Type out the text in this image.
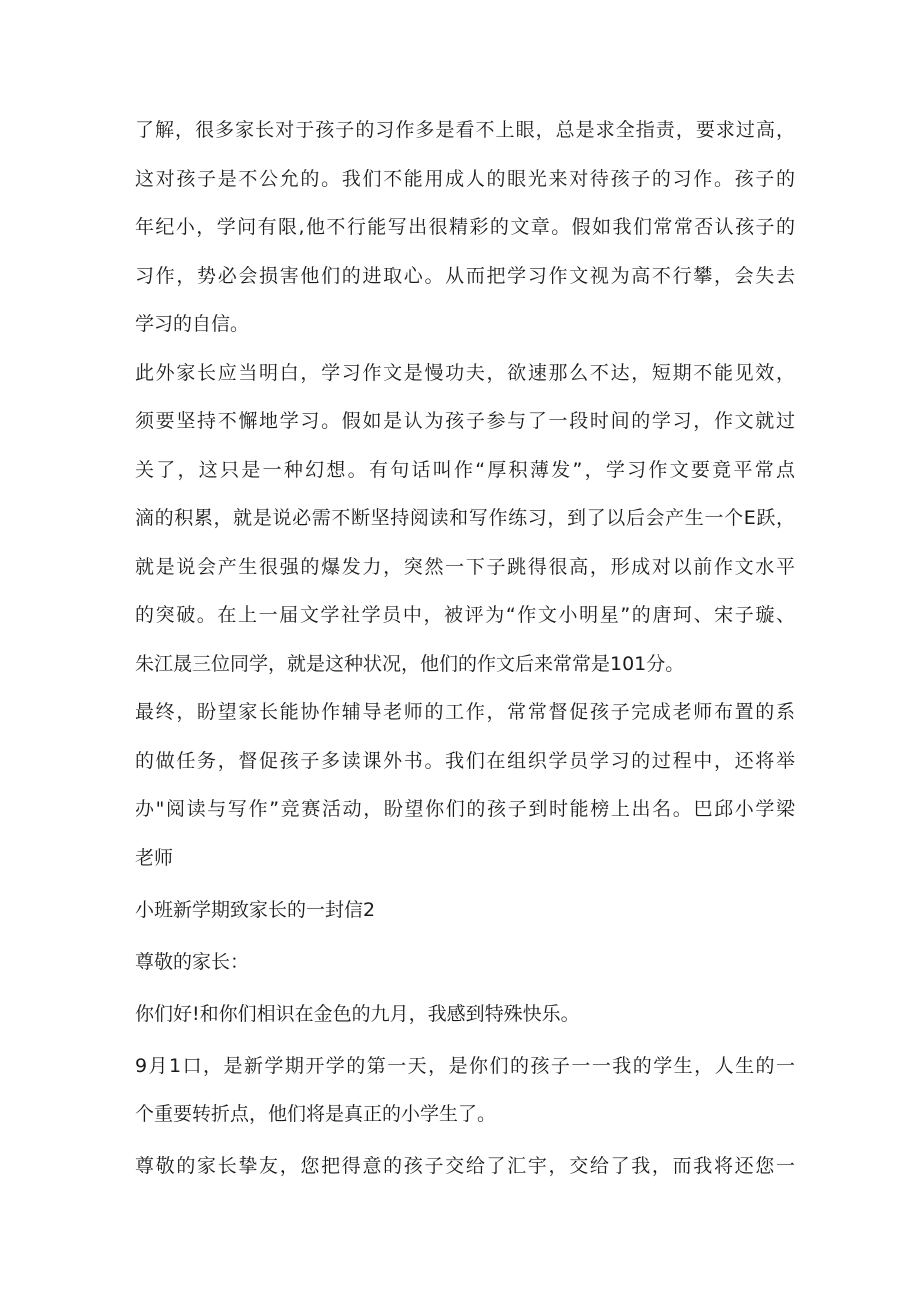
了解，很多家长对于孩子的习作多是看不上眼，总是求全指责，要求过高，
这对孩子是不公允的。我们不能用成人的眼光来对待孩子的习作。孩子的
年纪小，学问有限,他不行能写出很精彩的文章。假如我们常常否认孩子的
习作，势必会损害他们的进取心。从而把学习作文视为高不行攀，会失去
学习的自信。
此外家长应当明白，学习作文是慢功夫，欲速那么不达，短期不能见效，
须要坚持不懈地学习。假如是认为孩子参与了一段时间的学习，作文就过
关了，这只是一种幻想。有句话叫作“厚积薄发”，学习作文要竟平常点
滴的积累，就是说必需不断坚持阅读和写作练习，到了以后会产生一个E跃，
就是说会产生很强的爆发力，突然一下子跳得很高，形成对以前作文水平
的突破。在上一届文学社学员中，被评为“作文小明星”的唐珂、宋子璇、
朱江晟三位同学，就是这种状况，他们的作文后来常常是101分。
最终，盼望家长能协作辅导老师的工作，常常督促孩子完成老师布置的系
的做任务，督促孩子多读课外书。我们在组织学员学习的过程中，还将举
办"阅读与写作”竞赛活动，盼望你们的孩子到时能榜上出名。巴邱小学梁
老师
小班新学期致家长的一封信2
尊敬的家长：
你们好!和你们相识在金色的九月，我感到特殊快乐。
9月1口，是新学期开学的第一天，是你们的孩子一一我的学生，人生的一
个重要转折点，他们将是真正的小学生了。
尊敬的家长挚友，您把得意的孩子交给了汇宇，交给了我，而我将还您一
